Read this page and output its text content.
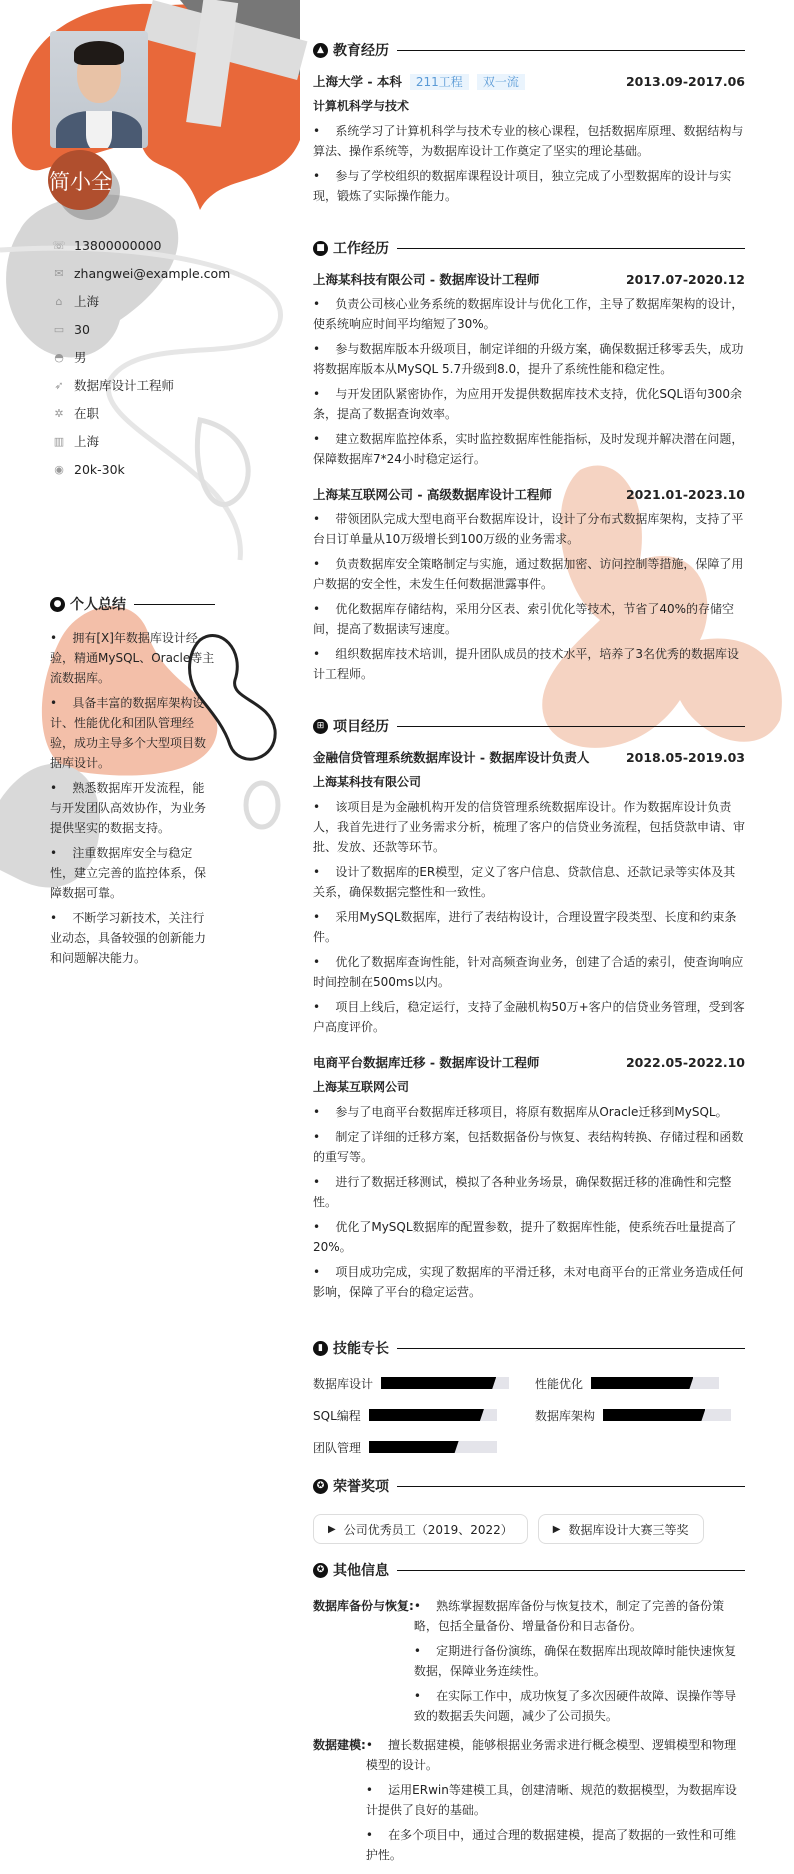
简小全
☏ 13800000000
✉ zhangwei@example.com
⌂ 上海
▭ 30
◓ 男
➶ 数据库设计工程师
✲ 在职
▥ 上海
◉ 20k-30k
● 个人总结
•    拥有[X]年数据库设计经验，精通MySQL、Oracle等主流数据库。
•    具备丰富的数据库架构设计、性能优化和团队管理经验，成功主导多个大型项目数据库设计。
•    熟悉数据库开发流程，能与开发团队高效协作，为业务提供坚实的数据支持。
•    注重数据库安全与稳定性，建立完善的监控体系，保障数据可靠。
•    不断学习新技术，关注行业动态，具备较强的创新能力和问题解决能力。
▲ 教育经历
上海大学 - 本科 211工程 双一流	2013.09-2017.06
计算机科学与技术
•    系统学习了计算机科学与技术专业的核心课程，包括数据库原理、数据结构与算法、操作系统等，为数据库设计工作奠定了坚实的理论基础。
•    参与了学校组织的数据库课程设计项目，独立完成了小型数据库的设计与实现，锻炼了实际操作能力。
■ 工作经历
上海某科技有限公司 - 数据库设计工程师	2017.07-2020.12
•    负责公司核心业务系统的数据库设计与优化工作，主导了数据库架构的设计，使系统响应时间平均缩短了30%。
•    参与数据库版本升级项目，制定详细的升级方案，确保数据迁移零丢失，成功将数据库版本从MySQL 5.7升级到8.0，提升了系统性能和稳定性。
•    与开发团队紧密协作，为应用开发提供数据库技术支持，优化SQL语句300余条，提高了数据查询效率。
•    建立数据库监控体系，实时监控数据库性能指标，及时发现并解决潜在问题，保障数据库7*24小时稳定运行。
上海某互联网公司 - 高级数据库设计工程师	2021.01-2023.10
•    带领团队完成大型电商平台数据库设计，设计了分布式数据库架构，支持了平台日订单量从10万级增长到100万级的业务需求。
•    负责数据库安全策略制定与实施，通过数据加密、访问控制等措施，保障了用户数据的安全性，未发生任何数据泄露事件。
•    优化数据库存储结构，采用分区表、索引优化等技术，节省了40%的存储空间，提高了数据读写速度。
•    组织数据库技术培训，提升团队成员的技术水平，培养了3名优秀的数据库设计工程师。
⊞ 项目经历
金融信贷管理系统数据库设计 - 数据库设计负责人	2018.05-2019.03
上海某科技有限公司
•    该项目是为金融机构开发的信贷管理系统数据库设计。作为数据库设计负责人，我首先进行了业务需求分析，梳理了客户的信贷业务流程，包括贷款申请、审批、发放、还款等环节。
•    设计了数据库的ER模型，定义了客户信息、贷款信息、还款记录等实体及其关系，确保数据完整性和一致性。
•    采用MySQL数据库，进行了表结构设计，合理设置字段类型、长度和约束条件。
•    优化了数据库查询性能，针对高频查询业务，创建了合适的索引，使查询响应时间控制在500ms以内。
•    项目上线后，稳定运行，支持了金融机构50万+客户的信贷业务管理，受到客户高度评价。
电商平台数据库迁移 - 数据库设计工程师	2022.05-2022.10
上海某互联网公司
•    参与了电商平台数据库迁移项目，将原有数据库从Oracle迁移到MySQL。
•    制定了详细的迁移方案，包括数据备份与恢复、表结构转换、存储过程和函数的重写等。
•    进行了数据迁移测试，模拟了各种业务场景，确保数据迁移的准确性和完整性。
•    优化了MySQL数据库的配置参数，提升了数据库性能，使系统吞吐量提高了20%。
•    项目成功完成，实现了数据库的平滑迁移，未对电商平台的正常业务造成任何影响，保障了平台的稳定运营。
▮ 技能专长
数据库设计	性能优化
SQL编程	数据库架构
团队管理
✪ 荣誉奖项
▶ 公司优秀员工（2019、2022）	▶ 数据库设计大赛三等奖
✪ 其他信息
数据库备份与恢复:	•    熟练掌握数据库备份与恢复技术，制定了完善的备份策略，包括全量备份、增量备份和日志备份。
•    定期进行备份演练，确保在数据库出现故障时能快速恢复数据，保障业务连续性。
•    在实际工作中，成功恢复了多次因硬件故障、误操作等导致的数据丢失问题，减少了公司损失。
数据建模:	•    擅长数据建模，能够根据业务需求进行概念模型、逻辑模型和物理模型的设计。
•    运用ERwin等建模工具，创建清晰、规范的数据模型，为数据库设计提供了良好的基础。
•    在多个项目中，通过合理的数据建模，提高了数据的一致性和可维护性。
